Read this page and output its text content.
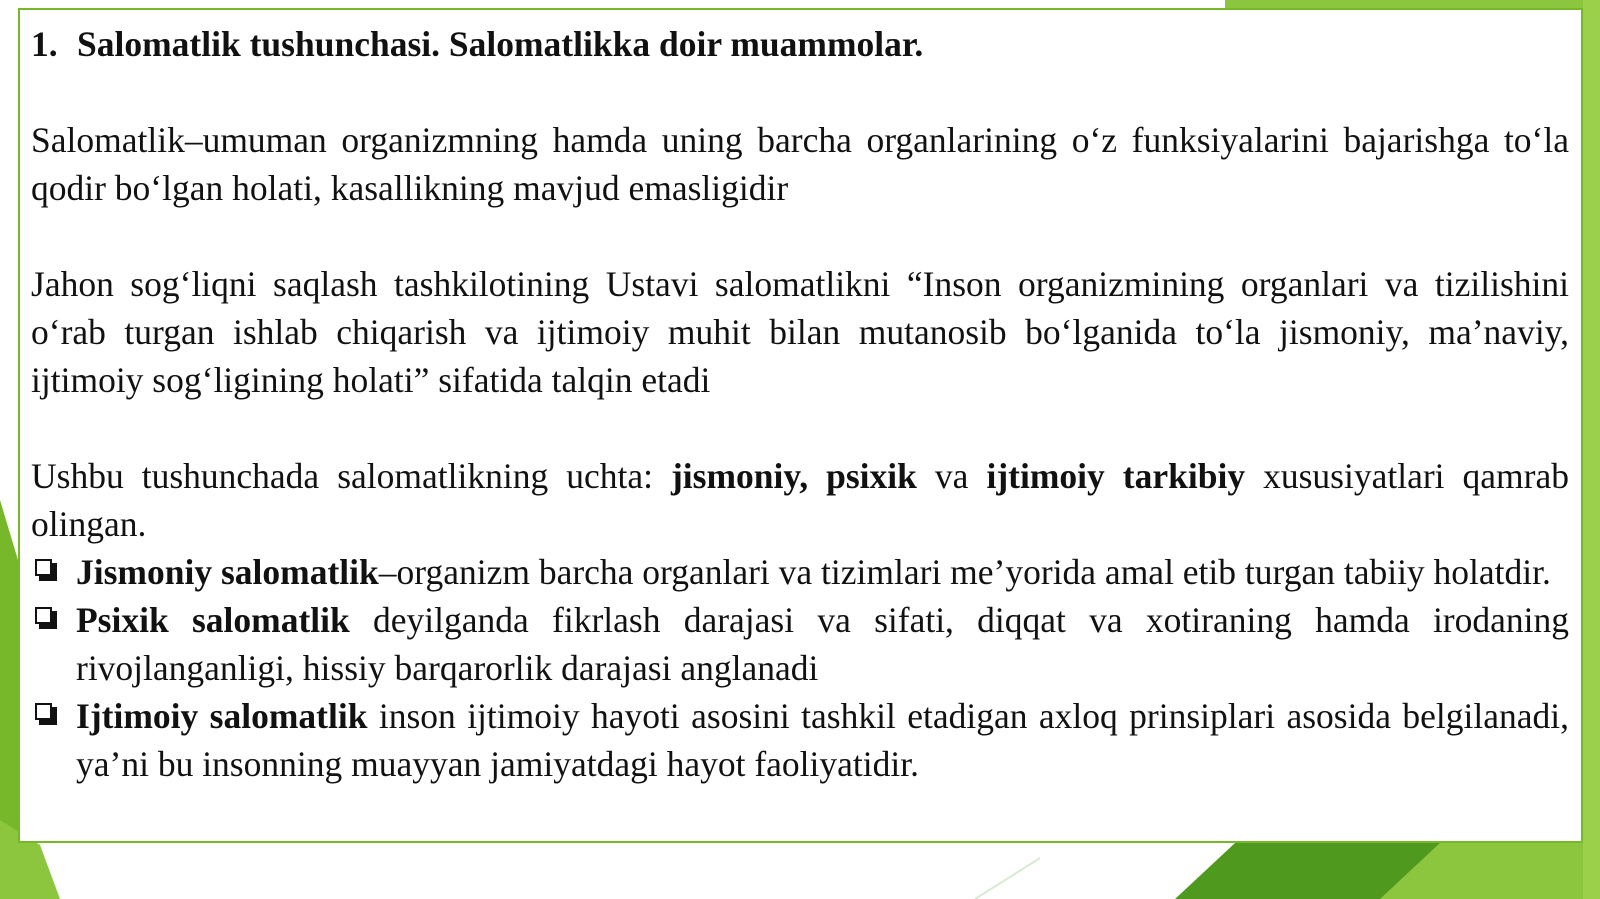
1. Salomatlik tushunchasi. Salomatlikka doir muammolar.

Salomatlik–umuman organizmning hamda uning barcha organlarining o‘z funksiyalarini bajarishga to‘la qodir bo‘lgan holati, kasallikning mavjud emasligidir

Jahon sog‘liqni saqlash tashkilotining Ustavi salomatlikni “Inson organizmining organlari va tizilishini o‘rab turgan ishlab chiqarish va ijtimoiy muhit bilan mutanosib bo‘lganida to‘la jismoniy, ma’naviy, ijtimoiy sog‘ligining holati” sifatida talqin etadi

Ushbu tushunchada salomatlikning uchta: jismoniy, psixik va ijtimoiy tarkibiy xususiyatlari qamrab olingan.

Jismoniy salomatlik–organizm barcha organlari va tizimlari me’yorida amal etib turgan tabiiy holatdir.
Psixik salomatlik deyilganda fikrlash darajasi va sifati, diqqat va xotiraning hamda irodaning rivojlanganligi, hissiy barqarorlik darajasi anglanadi
Ijtimoiy salomatlik inson ijtimoiy hayoti asosini tashkil etadigan axloq prinsiplari asosida belgilanadi, ya’ni bu insonning muayyan jamiyatdagi hayot faoliyatidir.
